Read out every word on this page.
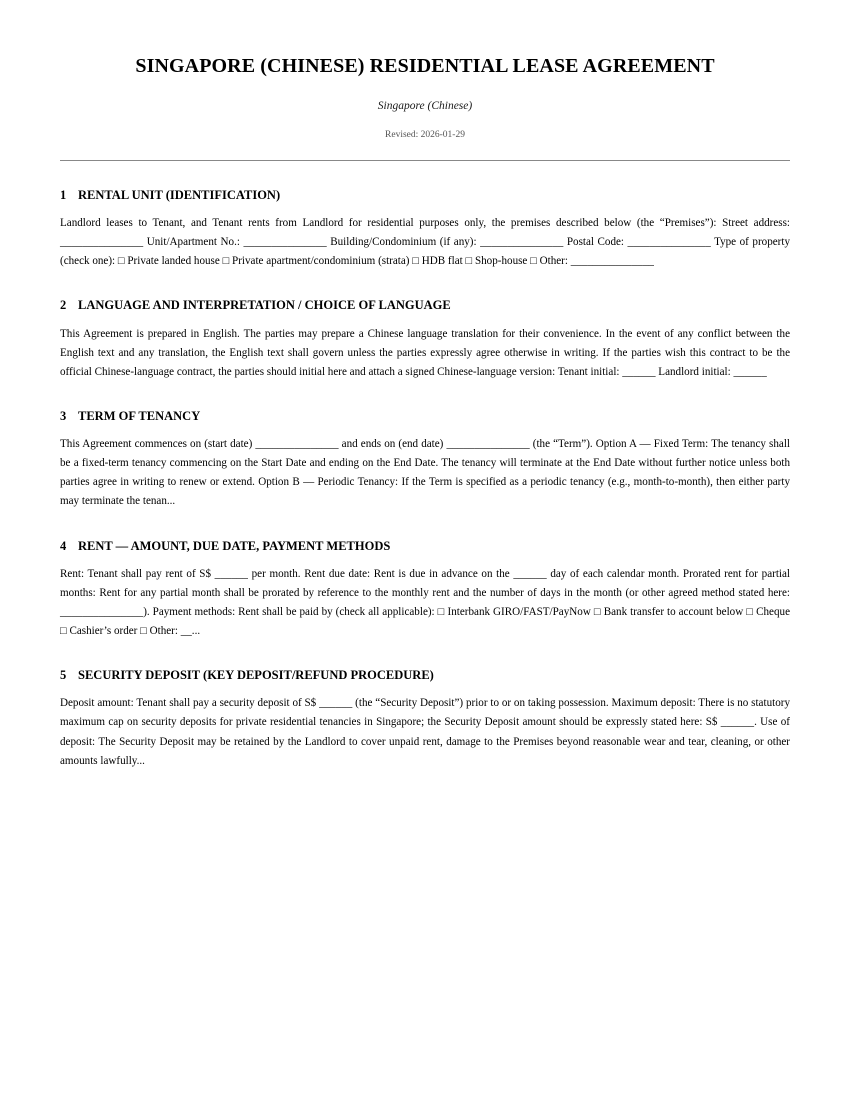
SINGAPORE (CHINESE) RESIDENTIAL LEASE AGREEMENT
Singapore (Chinese)
Revised: 2026-01-29
1 RENTAL UNIT (IDENTIFICATION)

Landlord leases to Tenant, and Tenant rents from Landlord for residential purposes only, the premises described below (the “Premises”): Street address: _______________ Unit/Apartment No.: _______________ Building/Condominium (if any): _______________ Postal Code: _______________ Type of property (check one): □ Private landed house □ Private apartment/condominium (strata) □ HDB flat □ Shop-house □ Other: _______________

2 LANGUAGE AND INTERPRETATION / CHOICE OF LANGUAGE

This Agreement is prepared in English. The parties may prepare a Chinese language translation for their convenience. In the event of any conflict between the English text and any translation, the English text shall govern unless the parties expressly agree otherwise in writing. If the parties wish this contract to be the official Chinese-language contract, the parties should initial here and attach a signed Chinese-language version: Tenant initial: ______ Landlord initial: ______

3 TERM OF TENANCY

This Agreement commences on (start date) _______________ and ends on (end date) _______________ (the “Term”). Option A — Fixed Term: The tenancy shall be a fixed-term tenancy commencing on the Start Date and ending on the End Date. The tenancy will terminate at the End Date without further notice unless both parties agree in writing to renew or extend. Option B — Periodic Tenancy: If the Term is specified as a periodic tenancy (e.g., month-to-month), then either party may terminate the tenan...

4 RENT — AMOUNT, DUE DATE, PAYMENT METHODS

Rent: Tenant shall pay rent of S$ ______ per month. Rent due date: Rent is due in advance on the ______ day of each calendar month. Prorated rent for partial months: Rent for any partial month shall be prorated by reference to the monthly rent and the number of days in the month (or other agreed method stated here: _______________). Payment methods: Rent shall be paid by (check all applicable): □ Interbank GIRO/FAST/PayNow □ Bank transfer to account below □ Cheque □ Cashier’s order □ Other: __...

5 SECURITY DEPOSIT (KEY DEPOSIT/REFUND PROCEDURE)

Deposit amount: Tenant shall pay a security deposit of S$ ______ (the “Security Deposit”) prior to or on taking possession. Maximum deposit: There is no statutory maximum cap on security deposits for private residential tenancies in Singapore; the Security Deposit amount should be expressly stated here: S$ ______. Use of deposit: The Security Deposit may be retained by the Landlord to cover unpaid rent, damage to the Premises beyond reasonable wear and tear, cleaning, or other amounts lawfully...
